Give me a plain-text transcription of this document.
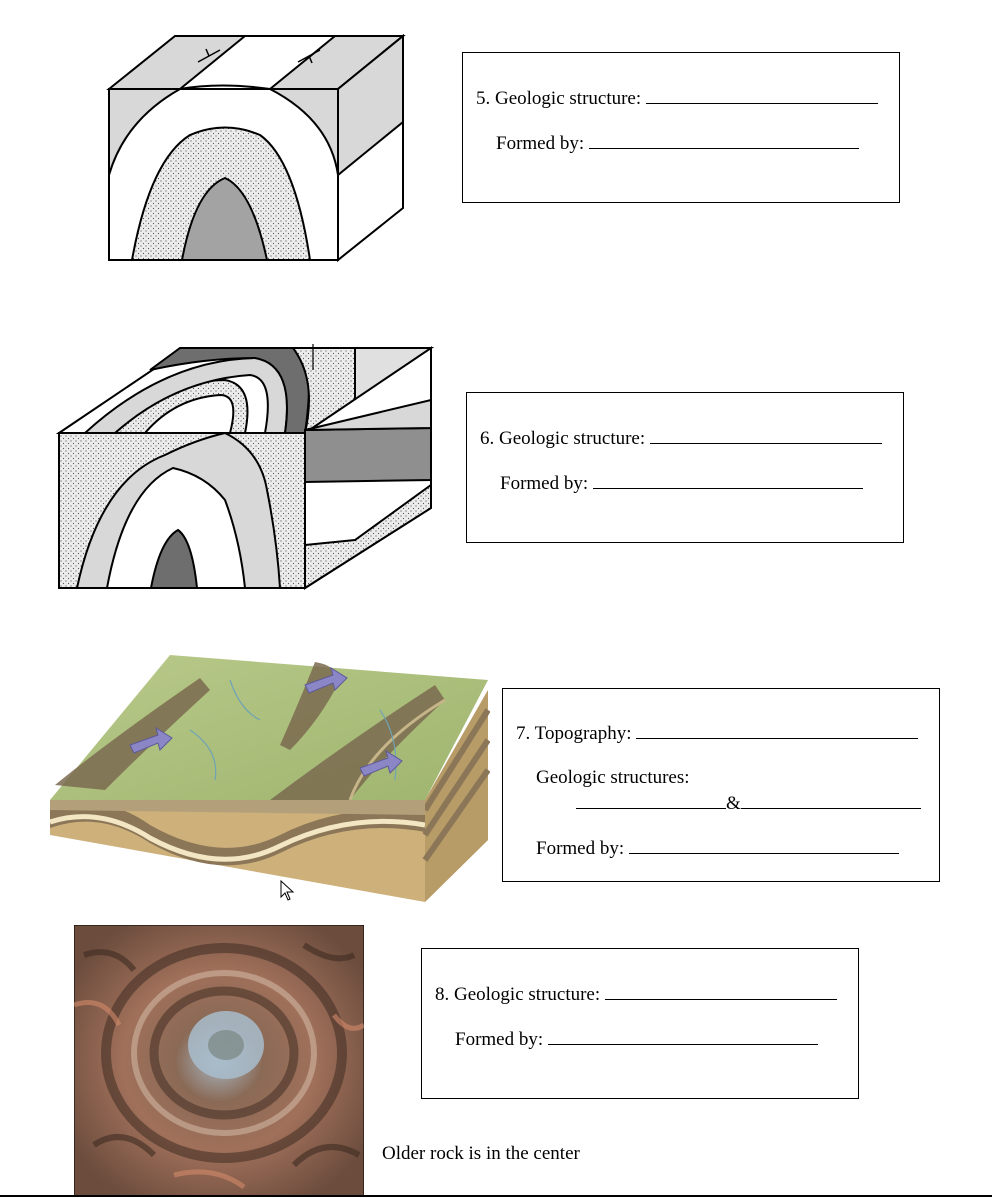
5. Geologic structure:
Formed by:
6. Geologic structure:
Formed by:
7. Topography:
Geologic structures:
&
Formed by:
8. Geologic structure:
Formed by:
Older rock is in the center
